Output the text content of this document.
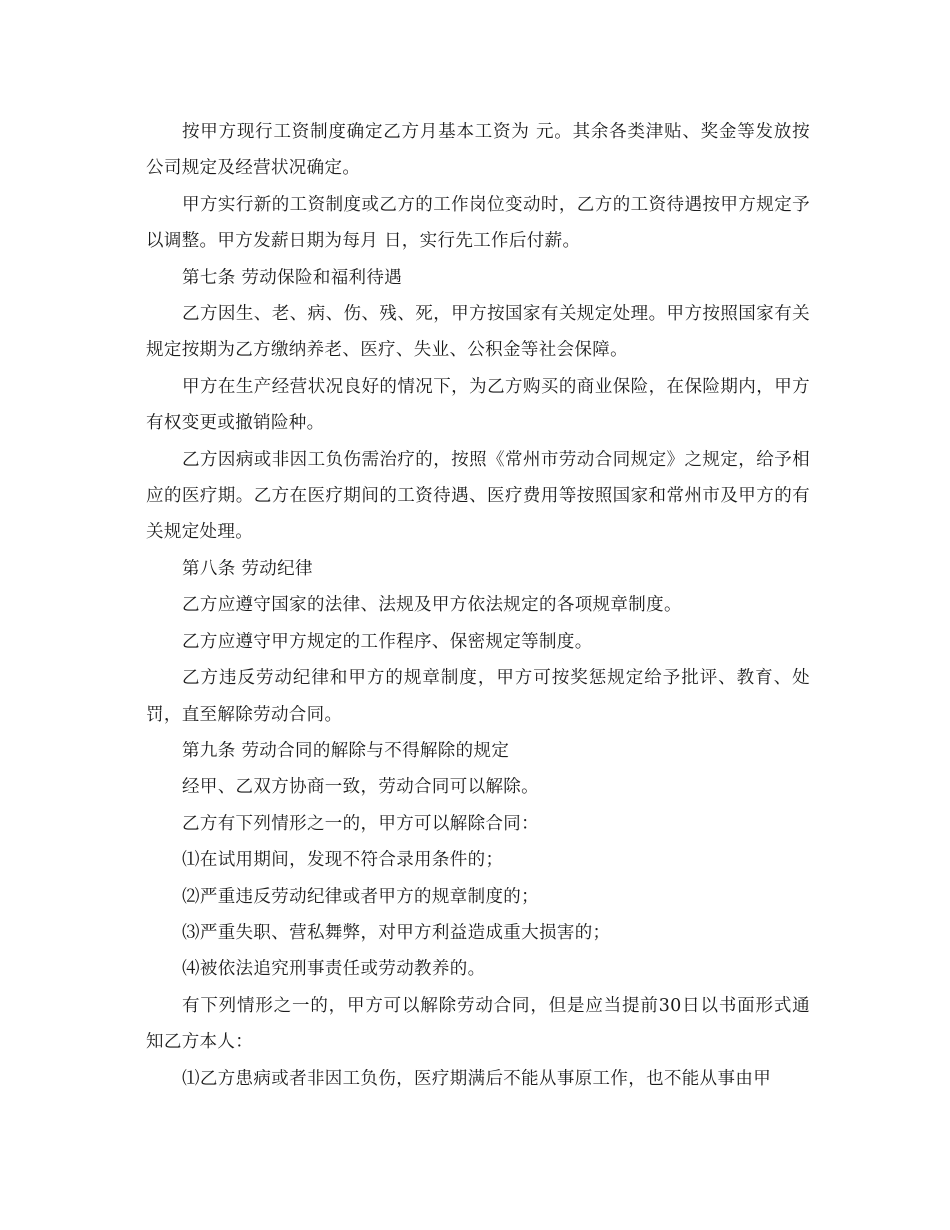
按甲方现行工资制度确定乙方月基本工资为 元。其余各类津贴、奖金等发放按公司规定及经营状况确定。

甲方实行新的工资制度或乙方的工作岗位变动时，乙方的工资待遇按甲方规定予以调整。甲方发薪日期为每月 日，实行先工作后付薪。

第七条 劳动保险和福利待遇

乙方因生、老、病、伤、残、死，甲方按国家有关规定处理。甲方按照国家有关规定按期为乙方缴纳养老、医疗、失业、公积金等社会保障。

甲方在生产经营状况良好的情况下，为乙方购买的商业保险，在保险期内，甲方有权变更或撤销险种。

乙方因病或非因工负伤需治疗的，按照《常州市劳动合同规定》之规定，给予相应的医疗期。乙方在医疗期间的工资待遇、医疗费用等按照国家和常州市及甲方的有关规定处理。

第八条 劳动纪律

乙方应遵守国家的法律、法规及甲方依法规定的各项规章制度。

乙方应遵守甲方规定的工作程序、保密规定等制度。

乙方违反劳动纪律和甲方的规章制度，甲方可按奖惩规定给予批评、教育、处罚，直至解除劳动合同。

第九条 劳动合同的解除与不得解除的规定

经甲、乙双方协商一致，劳动合同可以解除。

乙方有下列情形之一的，甲方可以解除合同：

⑴在试用期间，发现不符合录用条件的；

⑵严重违反劳动纪律或者甲方的规章制度的；

⑶严重失职、营私舞弊，对甲方利益造成重大损害的；

⑷被依法追究刑事责任或劳动教养的。

有下列情形之一的，甲方可以解除劳动合同，但是应当提前30日以书面形式通知乙方本人：

⑴乙方患病或者非因工负伤，医疗期满后不能从事原工作，也不能从事由甲
